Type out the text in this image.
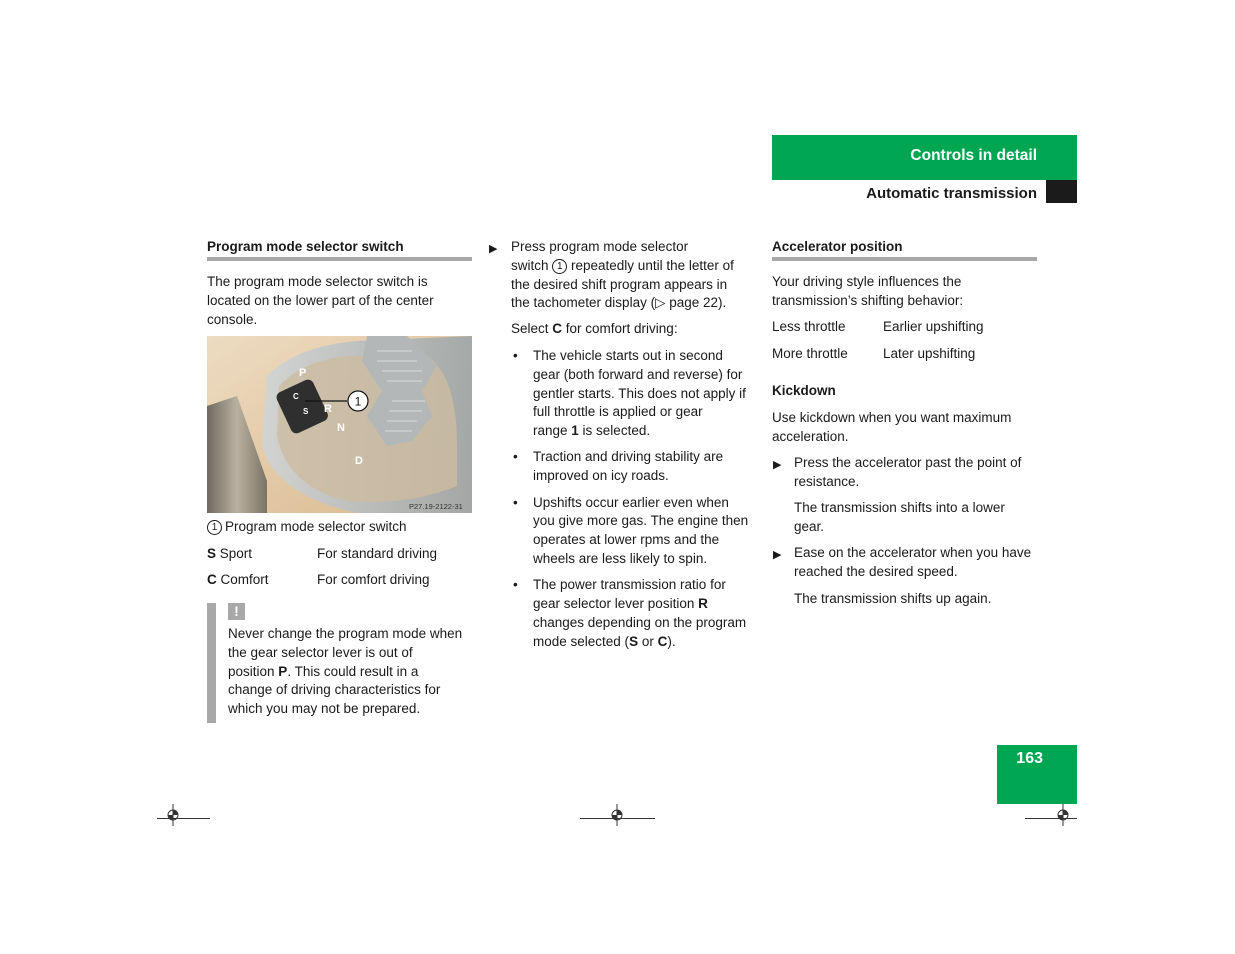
Controls in detail
Automatic transmission
Program mode selector switch
The program mode selector switch is
located on the lower part of the center
console.
C
S
P
R
N
D
1
P27.19-2122-31
1 Program mode selector switch
S Sport	For standard driving
C Comfort	For comfort driving
!
Never change the program mode when
the gear selector lever is out of
position P. This could result in a
change of driving characteristics for
which you may not be prepared.
▶ Press program mode selector
switch 1 repeatedly until the letter of
the desired shift program appears in
the tachometer display (▷ page 22).
Select C for comfort driving:
• The vehicle starts out in second
gear (both forward and reverse) for
gentler starts. This does not apply if
full throttle is applied or gear
range 1 is selected.
• Traction and driving stability are
improved on icy roads.
• Upshifts occur earlier even when
you give more gas. The engine then
operates at lower rpms and the
wheels are less likely to spin.
• The power transmission ratio for
gear selector lever position R
changes depending on the program
mode selected (S or C).
Accelerator position
Your driving style influences the
transmission’s shifting behavior:
Less throttle	Earlier upshifting
More throttle	Later upshifting
Kickdown
Use kickdown when you want maximum
acceleration.
▶ Press the accelerator past the point of
resistance.
The transmission shifts into a lower
gear.
▶ Ease on the accelerator when you have
reached the desired speed.
The transmission shifts up again.
163
